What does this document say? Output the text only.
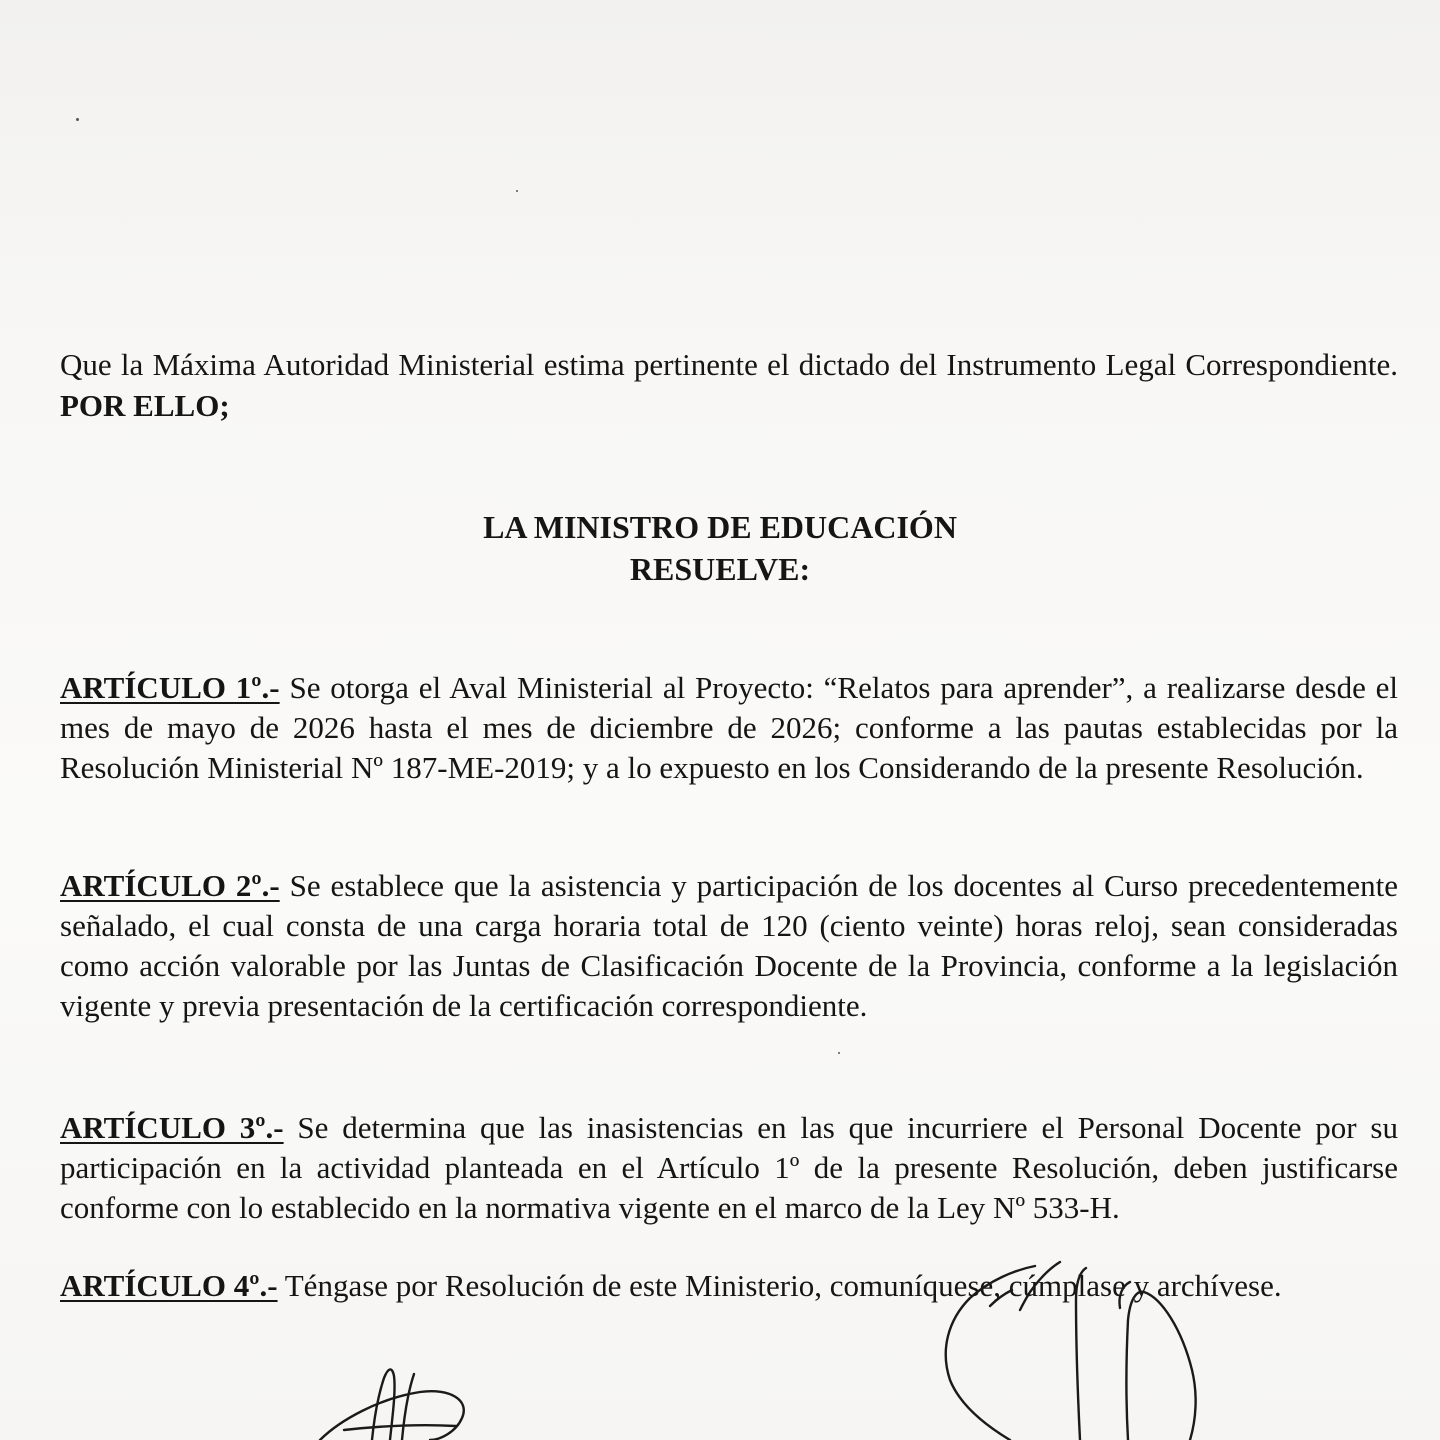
Que la Máxima Autoridad Ministerial estima pertinente el dictado del Instrumento Legal Correspondiente.
POR ELLO;
LA MINISTRO DE EDUCACIÓN
RESUELVE:
ARTÍCULO 1º.- Se otorga el Aval Ministerial al Proyecto: “Relatos para aprender”, a realizarse desde el mes de mayo de 2026 hasta el mes de diciembre de 2026; conforme a las pautas establecidas por la Resolución Ministerial Nº 187-ME-2019; y a lo expuesto en los Considerando de la presente Resolución.
ARTÍCULO 2º.- Se establece que la asistencia y participación de los docentes al Curso precedentemente señalado, el cual consta de una carga horaria total de 120 (ciento veinte) horas reloj, sean consideradas como acción valorable por las Juntas de Clasificación Docente de la Provincia, conforme a la legislación vigente y previa presentación de la certificación correspondiente.
ARTÍCULO 3º.- Se determina que las inasistencias en las que incurriere el Personal Docente por su participación en la actividad planteada en el Artículo 1º de la presente Resolución, deben justificarse conforme con lo establecido en la normativa vigente en el marco de la Ley Nº 533-H.
ARTÍCULO 4º.- Téngase por Resolución de este Ministerio, comuníquese, cúmplase y archívese.
